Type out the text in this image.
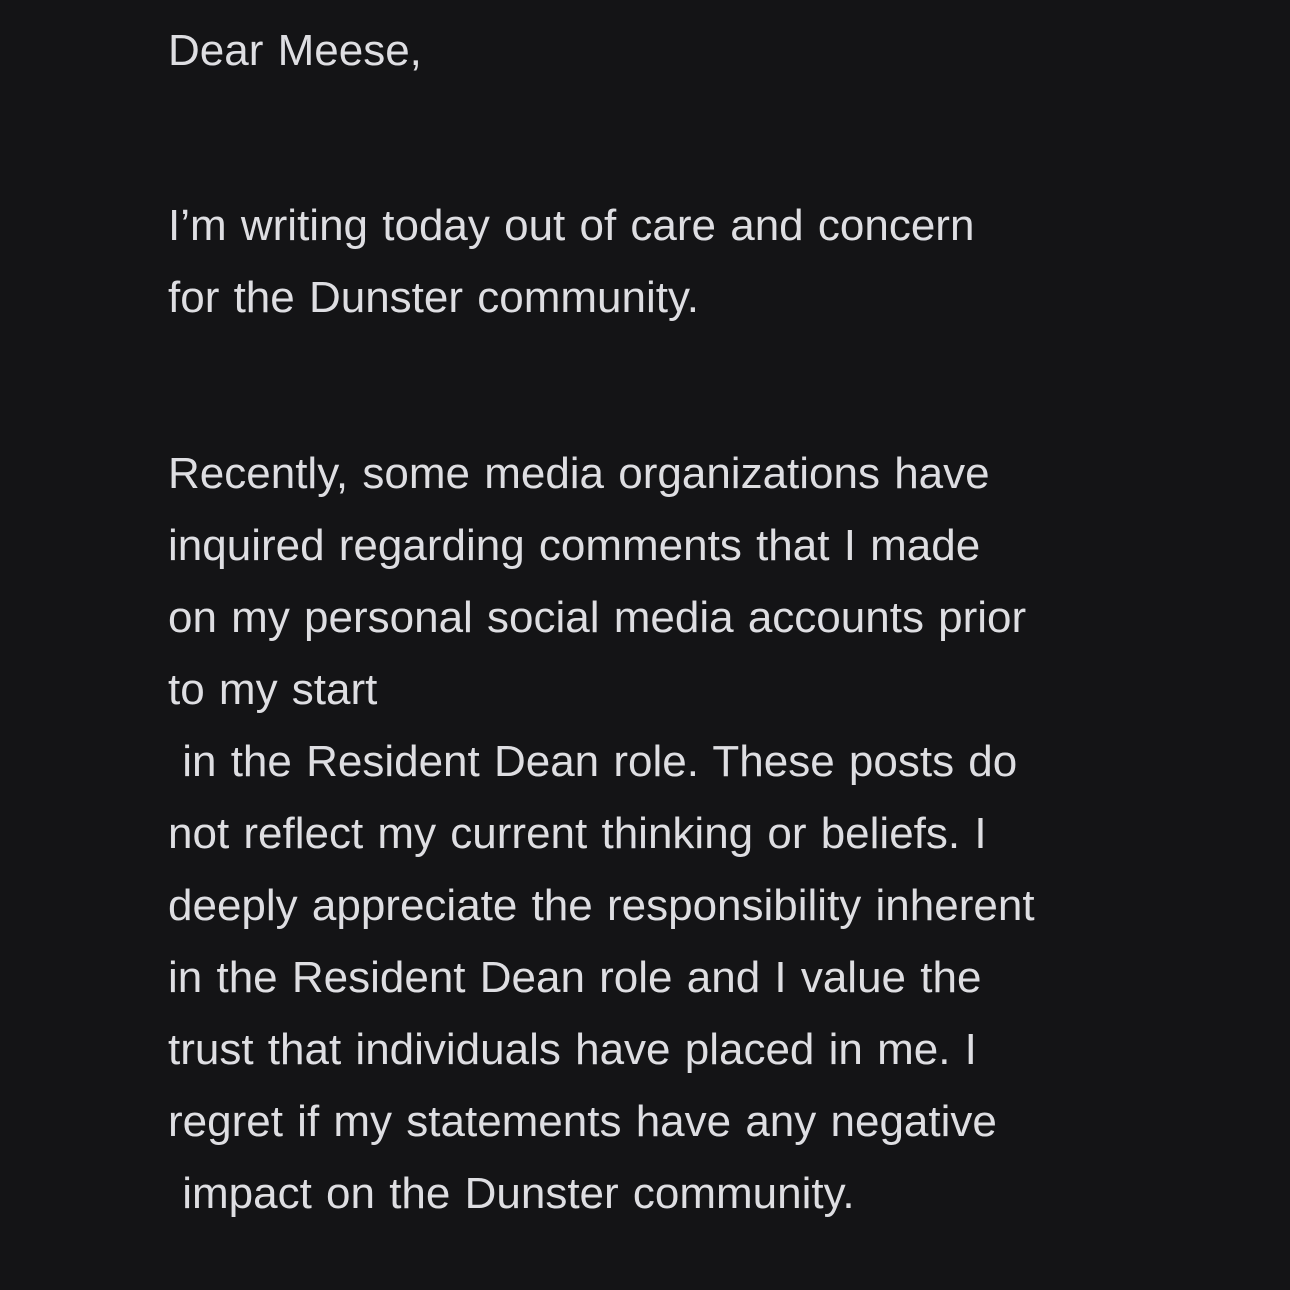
Dear Meese,
I’m writing today out of care and concern
for the Dunster community.
Recently, some media organizations have
inquired regarding comments that I made
on my personal social media accounts prior
to my start
in the Resident Dean role. These posts do
not reflect my current thinking or beliefs. I
deeply appreciate the responsibility inherent
in the Resident Dean role and I value the
trust that individuals have placed in me. I
regret if my statements have any negative
impact on the Dunster community.
